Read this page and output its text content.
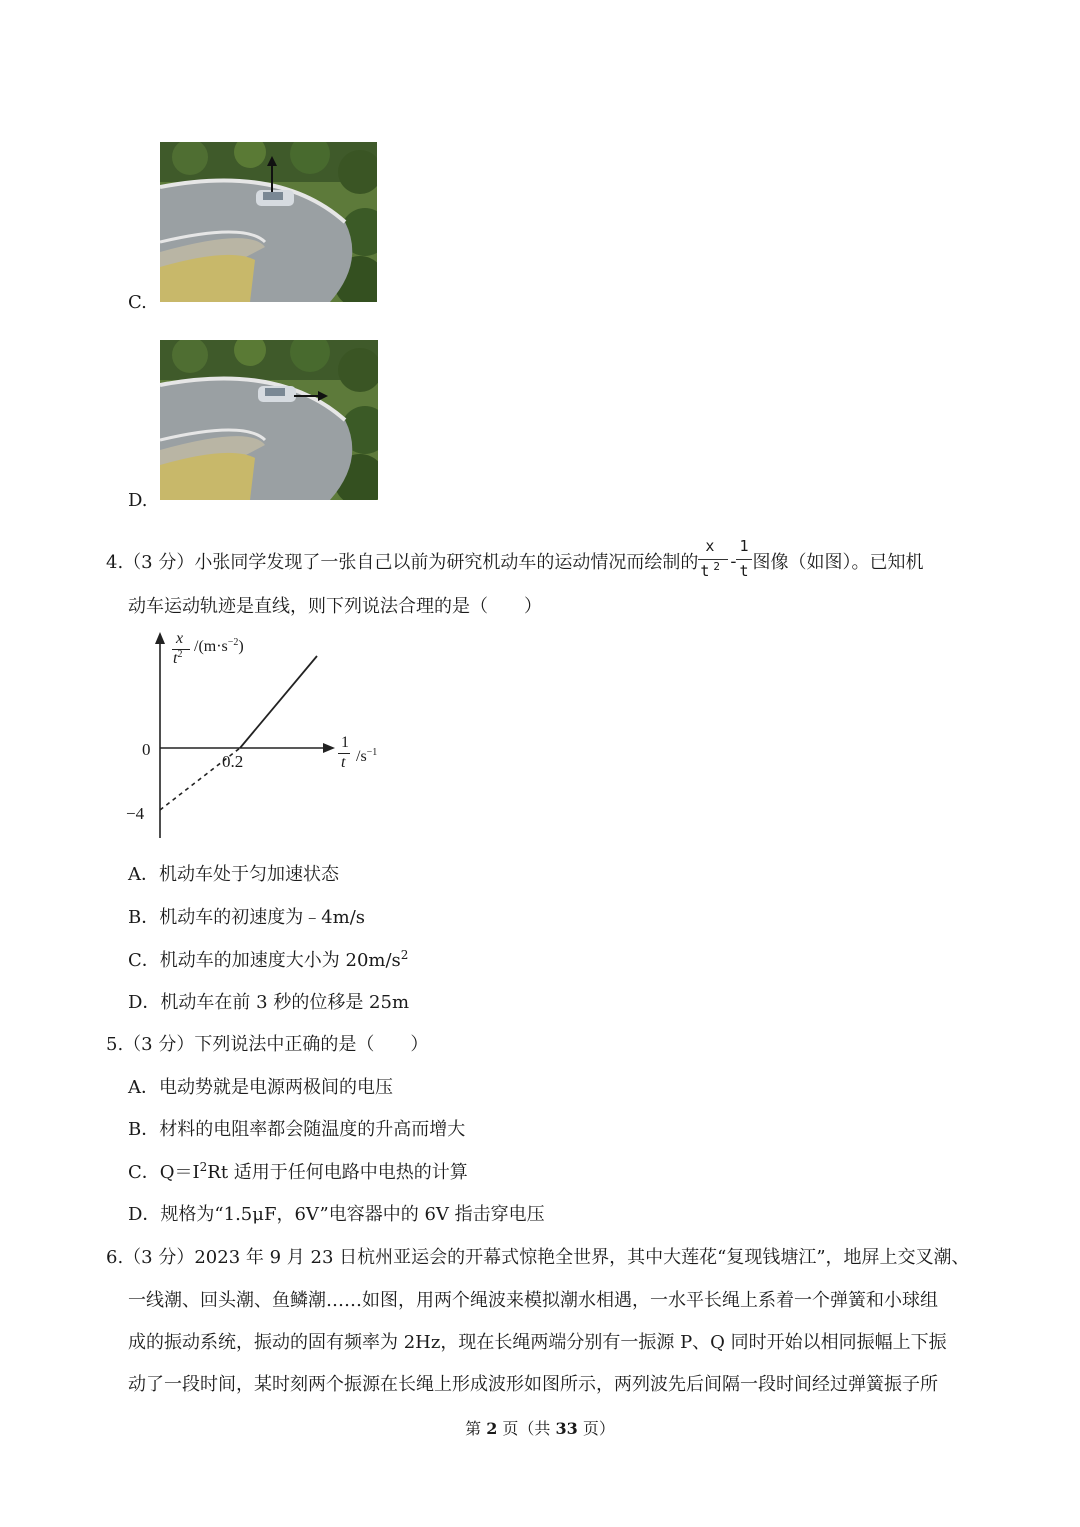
C.
D.
4.（3 分）小张同学发现了一张自己以前为研究机动车的运动情况而绘制的 $\frac{x}{t ^2} - \frac{1}{t}$ 图像（如图）。已知机
动车运动轨迹是直线，则下列说法合理的是（　　）
x
$t^2$ $/(m\cdot s^{-2})$
1
t $/s^{-1}$
0
0.2
−4
A．机动车处于匀加速状态
B．机动车的初速度为﹣4m/s
C．机动车的加速度大小为 $20m/s^2$
D．机动车在前 3 秒的位移是 25m
5.（3 分）下列说法中正确的是（　　）
A．电动势就是电源两极间的电压
B．材料的电阻率都会随温度的升高而增大
C．$Q=I^2Rt$ 适用于任何电路中电热的计算
D．规格为“1.5μF，6V”电容器中的 6V 指击穿电压
6.（3 分）2023 年 9 月 23 日杭州亚运会的开幕式惊艳全世界，其中大莲花“复现钱塘江”，地屏上交叉潮、
一线潮、回头潮、鱼鳞潮……如图，用两个绳波来模拟潮水相遇，一水平长绳上系着一个弹簧和小球组
成的振动系统，振动的固有频率为 2Hz，现在长绳两端分别有一振源 P、Q 同时开始以相同振幅上下振
动了一段时间，某时刻两个振源在长绳上形成波形如图所示，两列波先后间隔一段时间经过弹簧振子所
第 2 页（共 33 页）
